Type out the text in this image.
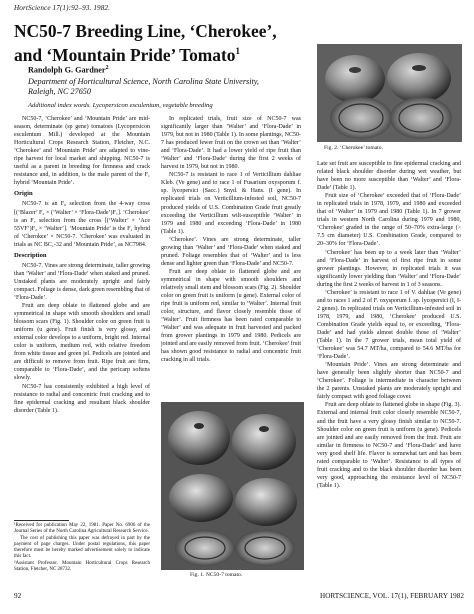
HortScience 17(1):92–93. 1982.
NC50-7 Breeding Line, ‘Cherokee’,
and ‘Mountain Pride’ Tomato$^1$
Randolph G. Gardner$^2$
Department of Horticultural Science, North Carolina State University,
Raleigh, NC 27650
Additional index words. Lycopersicon esculentum, vegetable breeding

NC50-7, ‘Cherokee’ and ‘Mountain Pride’ are mid-season, determinate (sp gene) tomatoes (Lycopersicon esculentum Mill.) developed at the Mountain Horticultural Crops Research Station, Fletcher, N.C. ‘Cherokee’ and ‘Mountain Pride’ are adapted to vine-ripe harvest for local market and shipping. NC50-7 is useful as a parent in breeding for firmness and crack resistance and, in addition, is the male parent of the F₁ hybrid ‘Mountain Pride’.

Origin

NC50-7 is an F₆ selection from the 4-way cross [(‘Blazer’ F₂ × (‘Walter’ × ‘Flora-Dade’)F₁]. ‘Cherokee’ is an F₇ selection from the cross [(‘Walter’ × ‘Ace 55VF’)F₂ × ‘Walter’]. ‘Mountain Pride’ is the F₁ hybrid of ‘Cherokee’ × NC50-7. ‘Cherokee’ was evaluated in trials as NC BC₁-32 and ‘Mountain Pride’, as NC7984.

Description

NC50-7. Vines are strong determinate, taller growing than ‘Walter’ and ‘Flora-Dade’ when staked and pruned. Unstaked plants are moderately upright and fairly compact. Foliage is dense, dark green resembling that of ‘Flora-Dade’.

Fruit are deep oblate to flattened globe and are symmetrical in shape with smooth shoulders and small blossom scars (Fig. 1). Shoulder color on green fruit is uniform (u gene). Fruit finish is very glossy, and external color develops to a uniform, bright red. Internal color is uniform, medium red, with relative freedom from white tissue and green jel. Pedicels are jointed and are difficult to remove from fruit. Ripe fruit are firm, comparable to ‘Flora-Dade’, and the pericarp softens slowly.

NC50-7 has consistently exhibited a high level of resistance to radial and concentric fruit cracking and to fine epidermal cracking and resultant black shoulder disorder (Table 1).

¹Received for publication May 22, 1981. Paper No. 6906 of the Journal Series of the North Carolina Agricultural Research Service.

The cost of publishing this paper was defrayed in part by the payment of page charges. Under postal regulations, this paper therefore must be hereby marked advertisement solely to indicate this fact.

²Assistant Professor. Mountain Horticultural Crops Research Station, Fletcher, NC 28732.

In replicated trials, fruit size of NC50-7 was significantly larger than ‘Walter’ and ‘Flora-Dade’ in 1979, but not in 1980 (Table 1). In some plantings, NC50-7 has produced fewer fruit on the crown set than ‘Walter’ and ‘Flora-Dade’. It had a lower yield of ripe fruit than ‘Walter’ and ‘Flora-Dade’ during the first 2 weeks of harvest in 1979, but not in 1980.

NC50-7 is resistant to race 1 of Verticillium dahliae Kleb. (Ve gene) and to race 1 of Fusarium oxysporum f. sp. lycopersici (Sacc.) Snyd. & Hans. (I gene). In replicated trials on Verticillium-infested soil, NC50-7 produced yields of U.S. Combination Grade fruit greatly exceeding the Verticillium wilt-susceptible ‘Walter’ in 1979 and 1980 and exceeding ‘Flora-Dade’ in 1980 (Table 1).

‘Cherokee’. Vines are strong determinate, taller growing than ‘Walter’ and ‘Flora-Dade’ when staked and pruned. Foliage resembles that of ‘Walter’ and is less dense and lighter green than ‘Flora-Dade’ and NC50-7.

Fruit are deep oblate to flattened globe and are symmetrical in shape with smooth shoulders and relatively small stem and blossom scars (Fig. 2). Shoulder color on green fruit is uniform (u gene). External color of ripe fruit is uniform red, similar to ‘Walter’. Internal fruit color, structure, and flavor closely resemble those of ‘Walter’. Fruit firmness has been rated comparable to ‘Walter’ and was adequate in fruit harvested and packed from grower plantings in 1979 and 1980. Pedicels are jointed and are easily removed from fruit. ‘Cherokee’ fruit has shown good resistance to radial and concentric fruit cracking in all trials.

Fig. 2. ‘Cherokee’ tomato.
Fig. 1. NC50-7 tomato.

Late set fruit are susceptible to fine epidermal cracking and related black shoulder disorder during wet weather, but have been no more susceptible than ‘Walter’ and ‘Flora-Dade’ (Table 1).

Fruit size of ‘Cherokee’ exceeded that of ‘Flora-Dade’ in replicated trials in 1978, 1979, and 1980 and exceeded that of ‘Walter’ in 1979 and 1980 (Table 1). In 7 grower trials in western North Carolina during 1979 and 1980, ‘Cherokee’ graded in the range of 50–70% extra-large (> 7.5 cm diameter) U.S. Combination Grade, compared to 20–30% for ‘Flora-Dade’.

‘Cherokee’ has been up to a week later than ‘Walter’ and ‘Flora-Dade’ in harvest of first ripe fruit in some grower plantings. However, in replicated trials it was significantly lower yielding than ‘Walter’ and ‘Flora-Dade’ during the first 2 weeks of harvest in 1 of 3 seasons.

‘Cherokee’ is resistant to race 1 of V. dahliae (Ve gene) and to races 1 and 2 of F. oxysporum f. sp. lycopersici (I, I-2 genes). In replicated trials on Verticillium-infested soil in 1978, 1979, and 1980, ‘Cherokee’ produced U.S. Combination Grade yields equal to, or exceeding, ‘Flora-Dade’ and had yields almost double those of ‘Walter’ (Table 1). In the 7 grower trials, mean total yield of ‘Cherokee’ was 54.7 MT/ha, compared to 54.6 MT/ha for ‘Flora-Dade’.

‘Mountain Pride’. Vines are strong determinate and have generally been slightly shorter than NC50-7 and ‘Cherokee’. Foliage is intermediate in character between the 2 parents. Unstaked plants are moderately upright and fairly compact with good foliage cover.

Fruit are deep oblate to flattened globe in shape (Fig. 3). External and internal fruit color closely resemble NC50-7, and the fruit have a very glossy finish similar to NC50-7. Shoulder color on green fruit is uniform (u gene). Pedicels are jointed and are easily removed from the fruit. Fruit are similar in firmness to NC50-7 and ‘Flora-Dade’ and have very good shelf life. Flavor is somewhat tart and has been rated comparable to ‘Walter’. Resistance to all types of fruit cracking and to the black shoulder disorder has been very good, approaching the resistance level of NC50-7 (Table 1).

92	HORTSCIENCE, VOL. 17(1), FEBRUARY 1982
